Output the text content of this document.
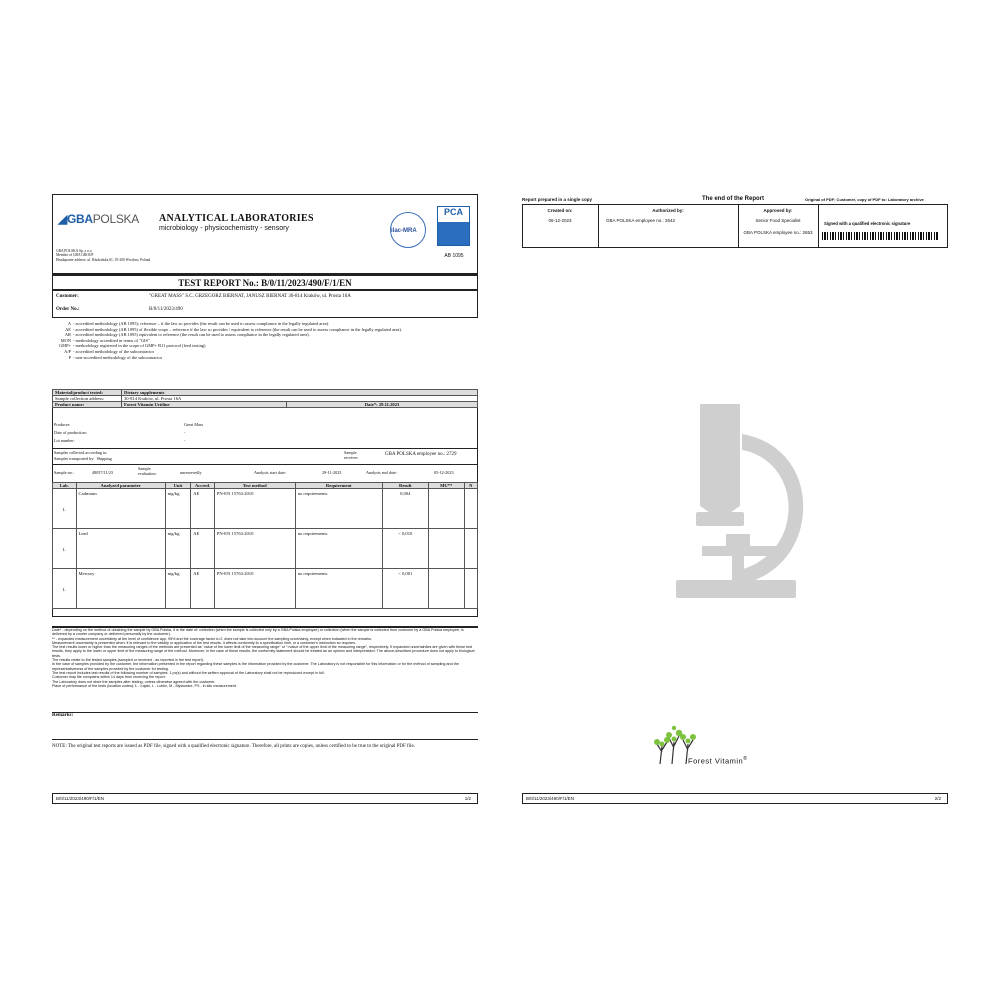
◢GBAPOLSKA ANALYTICAL LABORATORIES
microbiology - physicochemistry - sensory
GBA POLSKA Sp. z o.o.
Member of GBA GROUP
Headquarter address: ul. Kłudzińska 61, 55-200 Wrocław, Poland
ilac-MRA
PCA
AB 1095
TEST REPORT No.: B/0/11/2023/490/F/1/EN
Customer:	"GREAT MASS" S.C. GRZEGORZ BIERNAT, JANUSZ BIERNAT 30-814 Kraków, ul. Prosta 16A
Order No.:	B/0/11/2023/490
A - accredited methodology (AB 1095); reference – if the law so provides (the result can be used to assess compliance in the legally regulated area).
AE - accredited methodology (AB 1095) of flexible scope – reference if the law so provides / equivalent to reference (the result can be used to assess compliance in the legally regulated area).
AR - accredited methodology (AB 1095) equivalent to reference (the result can be used to assess compliance in the legally regulated area).
MON - methodology accredited in terms of "GIS"
GMP+ - methodology registered in the scope of GMP+ B11 protocol (feed testing)
A/P - accredited methodology of the subcontractor
P - non-accredited methodology of the subcontractor
Material/product tested:	Dietary supplements	
Sample collection address:	30-814 Kraków, ul. Prosta 16A	
Product name:	Forest Vitamin Uridine	Date*: 29.11.2023
Producer:	Great Mass
Date of production:	-
Lot number:	-
Samples collected according to:
Samples transported by: Shipping
Sample receiver:
GBA POLSKA employee no.: 2729
Sample no.:	48057/11/23
Sample evaluation:	unreservedly	Analysis start date:	29-11-2023	Analysis end date:	05-12-2023
Lab.	Analyzed parameter	Unit	Accred.	Test method	Requirement	Result	MU**	N
L	Cadmium	mg/kg	AE	PN-EN 15763:2010	no requirements	0,004		
L	Lead	mg/kg	AE	PN-EN 15763:2010	no requirements	< 0,010		
L	Mercury	mg/kg	AE	PN-EN 15763:2010	no requirements	< 0,001		
Date* - depending on the method of obtaining the sample by GBA Polska, it is the date of: collection (when the sample is collected only by a GBA Polska employee) or collection (when the sample is collected from customer by a GBA Polska employee, is delivered by a courier company or delivered personally by the customer).
** - expanded measurement uncertainty at the level of confidence app. 95% and the coverage factor k=2, does not take into account the sampling uncertainty, except when indicated in the remarks.
Measurement uncertainty is presented when: it is relevant to the validity or application of the test results, it affects conformity to a specification limit, or a customer's instruction so requires.
The test results lower or higher than the measuring ranges of the methods are presented as "value of the lower limit of the measuring range" or ">value of the upper limit of the measuring range", respectively. If expanded uncertainties are given with these test results, they apply to the lower or upper limit of the measuring range of the method. Moreover, in the case of these results, the conformity statement should be treated as an opinion and interpretation. The above-described procedure does not apply to biological tests.
The results relate to the tested samples (sampled or received - as reported in the test report).
In the case of samples provided by the customer, the information presented in the report regarding these samples is the information provided by the customer. The Laboratory is not responsible for this information or for the method of sampling and the representativeness of the samples provided by the customer for testing.
The test report includes test results of the following number of samples: 1 pc(s) and without the written approval of the Laboratory shall not be reproduced except in full.
Customer may file complains within 14 days from receiving the report.
The Laboratory does not store the samples after testing, unless otherwise agreed with the customer.
Place of performance of the tests (location codes): Ł - Łajski, L - Lublin, M - Mysłowice, PS - in situ measurement.
Remarks:
NOTE: The original test reports are issued as PDF file, signed with a qualified electronic signature. Therefore, all prints are copies, unless certified to be true to the original PDF file.
B/0/11/2023/490/F/1/EN	1/2
Report prepared in a single copy	The end of the Report	Original of PDF: Customer, copy of PDF to: Laboratory archive
Created on:
06-12-2023
Authorized by:
GBA POLSKA employee no.: 2642
Approved by:
Senior Food Specialist
GBA POLSKA employee no.: 2653
Signed with a qualified electronic signature
Forest Vitamin®
B/0/11/2023/490/F/1/EN	2/2
